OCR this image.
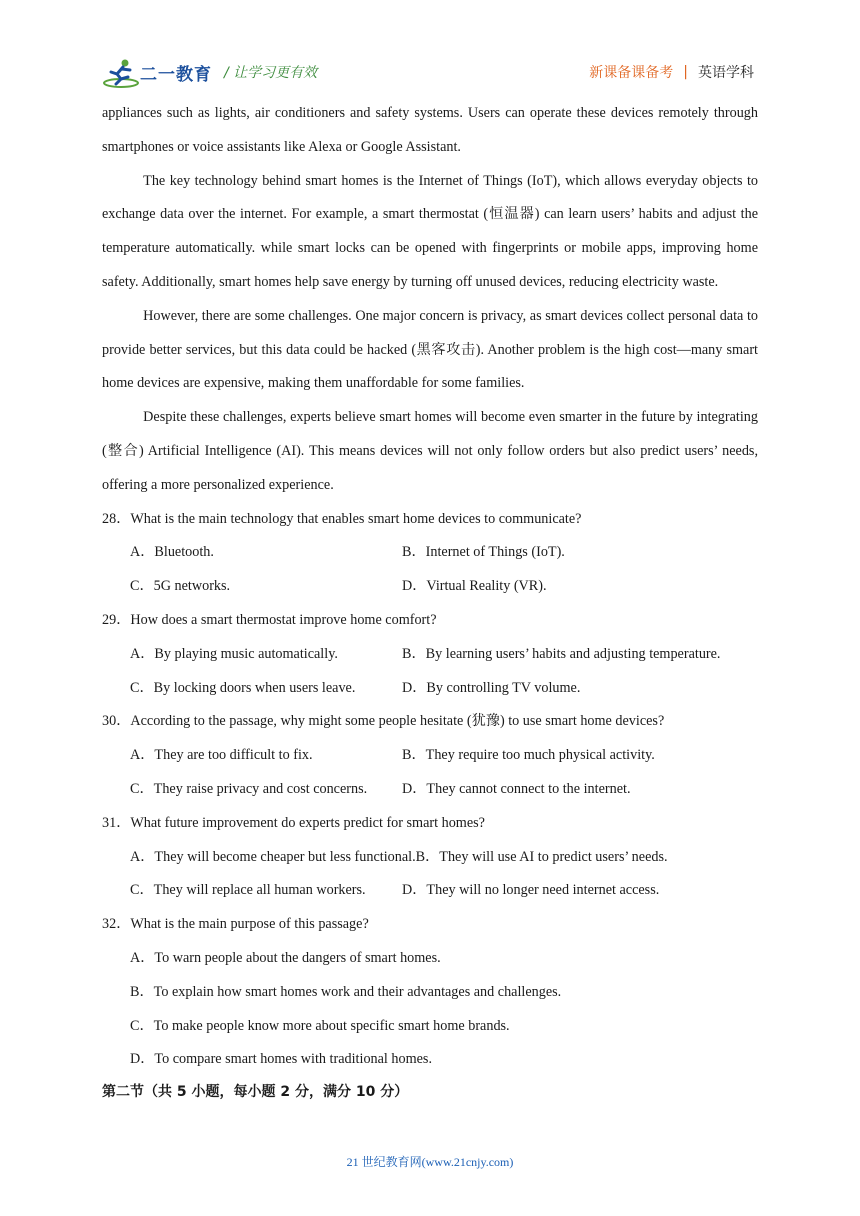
二一教育 / 让学习更有效	新课备课备考 | 英语学科

appliances such as lights, air conditioners and safety systems. Users can operate these devices remotely through smartphones or voice assistants like Alexa or Google Assistant.

The key technology behind smart homes is the Internet of Things (IoT), which allows everyday objects to exchange data over the internet. For example, a smart thermostat (恒温器) can learn users’ habits and adjust the temperature automatically. while smart locks can be opened with fingerprints or mobile apps, improving home safety. Additionally, smart homes help save energy by turning off unused devices, reducing electricity waste.

However, there are some challenges. One major concern is privacy, as smart devices collect personal data to provide better services, but this data could be hacked (黑客攻击). Another problem is the high cost—many smart home devices are expensive, making them unaffordable for some families.

Despite these challenges, experts believe smart homes will become even smarter in the future by integrating (整合) Artificial Intelligence (AI). This means devices will not only follow orders but also predict users’ needs, offering a more personalized experience.

28．What is the main technology that enables smart home devices to communicate?

A．Bluetooth.	B．Internet of Things (IoT).
C．5G networks.	D．Virtual Reality (VR).

29．How does a smart thermostat improve home comfort?

A．By playing music automatically.	B．By learning users’ habits and adjusting temperature.
C．By locking doors when users leave.	D．By controlling TV volume.

30．According to the passage, why might some people hesitate (犹豫) to use smart home devices?

A．They are too difficult to fix.	B．They require too much physical activity.
C．They raise privacy and cost concerns.	D．They cannot connect to the internet.

31．What future improvement do experts predict for smart homes?

A．They will become cheaper but less functional.B．They will use AI to predict users’ needs.
C．They will replace all human workers.	D．They will no longer need internet access.

32．What is the main purpose of this passage?

A．To warn people about the dangers of smart homes.
B．To explain how smart homes work and their advantages and challenges.
C．To make people know more about specific smart home brands.
D．To compare smart homes with traditional homes.
第二节（共 5 小题，每小题 2 分，满分 10 分）
21 世纪教育网(www.21cnjy.com)
